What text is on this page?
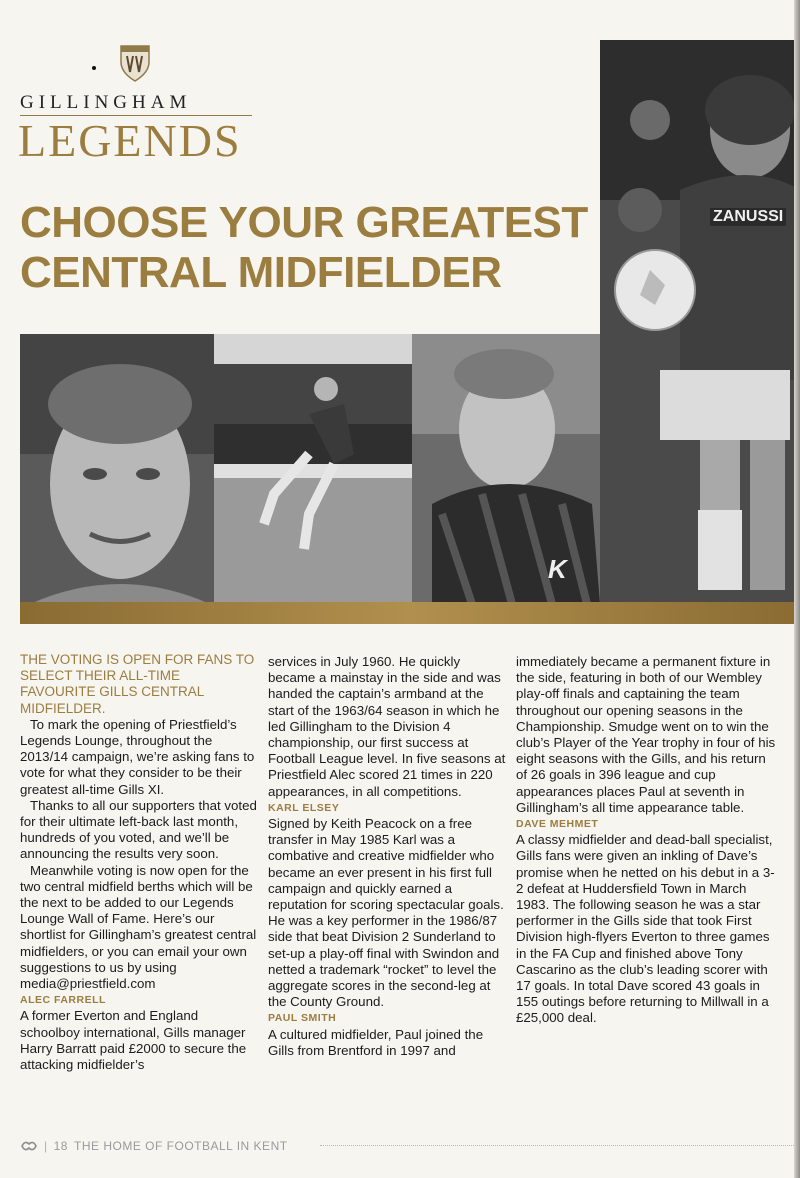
GILLINGHAM
LEGENDS
CHOOSE YOUR GREATEST
CENTRAL MIDFIELDER
ZANUSSI
K

THE VOTING IS OPEN FOR FANS TO SELECT THEIR ALL-TIME FAVOURITE GILLS CENTRAL MIDFIELDER.

To mark the opening of Priestfield’s Legends Lounge, throughout the 2013/14 campaign, we’re asking fans to vote for what they consider to be their greatest all-time Gills XI.

Thanks to all our supporters that voted for their ultimate left-back last month, hundreds of you voted, and we’ll be announcing the results very soon.

Meanwhile voting is now open for the two central midfield berths which will be the next to be added to our Legends Lounge Wall of Fame. Here’s our shortlist for Gillingham’s greatest central midfielders, or you can email your own suggestions to us by using media@priestfield.com

ALEC FARRELL

A former Everton and England schoolboy international, Gills manager Harry Barratt paid £2000 to secure the attacking midfielder’s

services in July 1960. He quickly became a mainstay in the side and was handed the captain’s armband at the start of the 1963/64 season in which he led Gillingham to the Division 4 championship, our first success at Football League level. In five seasons at Priestfield Alec scored 21 times in 220 appearances, in all competitions.

KARL ELSEY

Signed by Keith Peacock on a free transfer in May 1985 Karl was a combative and creative midfielder who became an ever present in his first full campaign and quickly earned a reputation for scoring spectacular goals. He was a key performer in the 1986/87 side that beat Division 2 Sunderland to set-up a play-off final with Swindon and netted a trademark “rocket” to level the aggregate scores in the second-leg at the County Ground.

PAUL SMITH

A cultured midfielder, Paul joined the Gills from Brentford in 1997 and

immediately became a permanent fixture in the side, featuring in both of our Wembley play-off finals and captaining the team throughout our opening seasons in the Championship. Smudge went on to win the club’s Player of the Year trophy in four of his eight seasons with the Gills, and his return of 26 goals in 396 league and cup appearances places Paul at seventh in Gillingham’s all time appearance table.

DAVE MEHMET

A classy midfielder and dead-ball specialist, Gills fans were given an inkling of Dave’s promise when he netted on his debut in a 3-2 defeat at Huddersfield Town in March 1983. The following season he was a star performer in the Gills side that took First Division high-flyers Everton to three games in the FA Cup and finished above Tony Cascarino as the club’s leading scorer with 17 goals. In total Dave scored 43 goals in 155 outings before returning to Millwall in a £25,000 deal.

| 18 THE HOME OF FOOTBALL IN KENT
